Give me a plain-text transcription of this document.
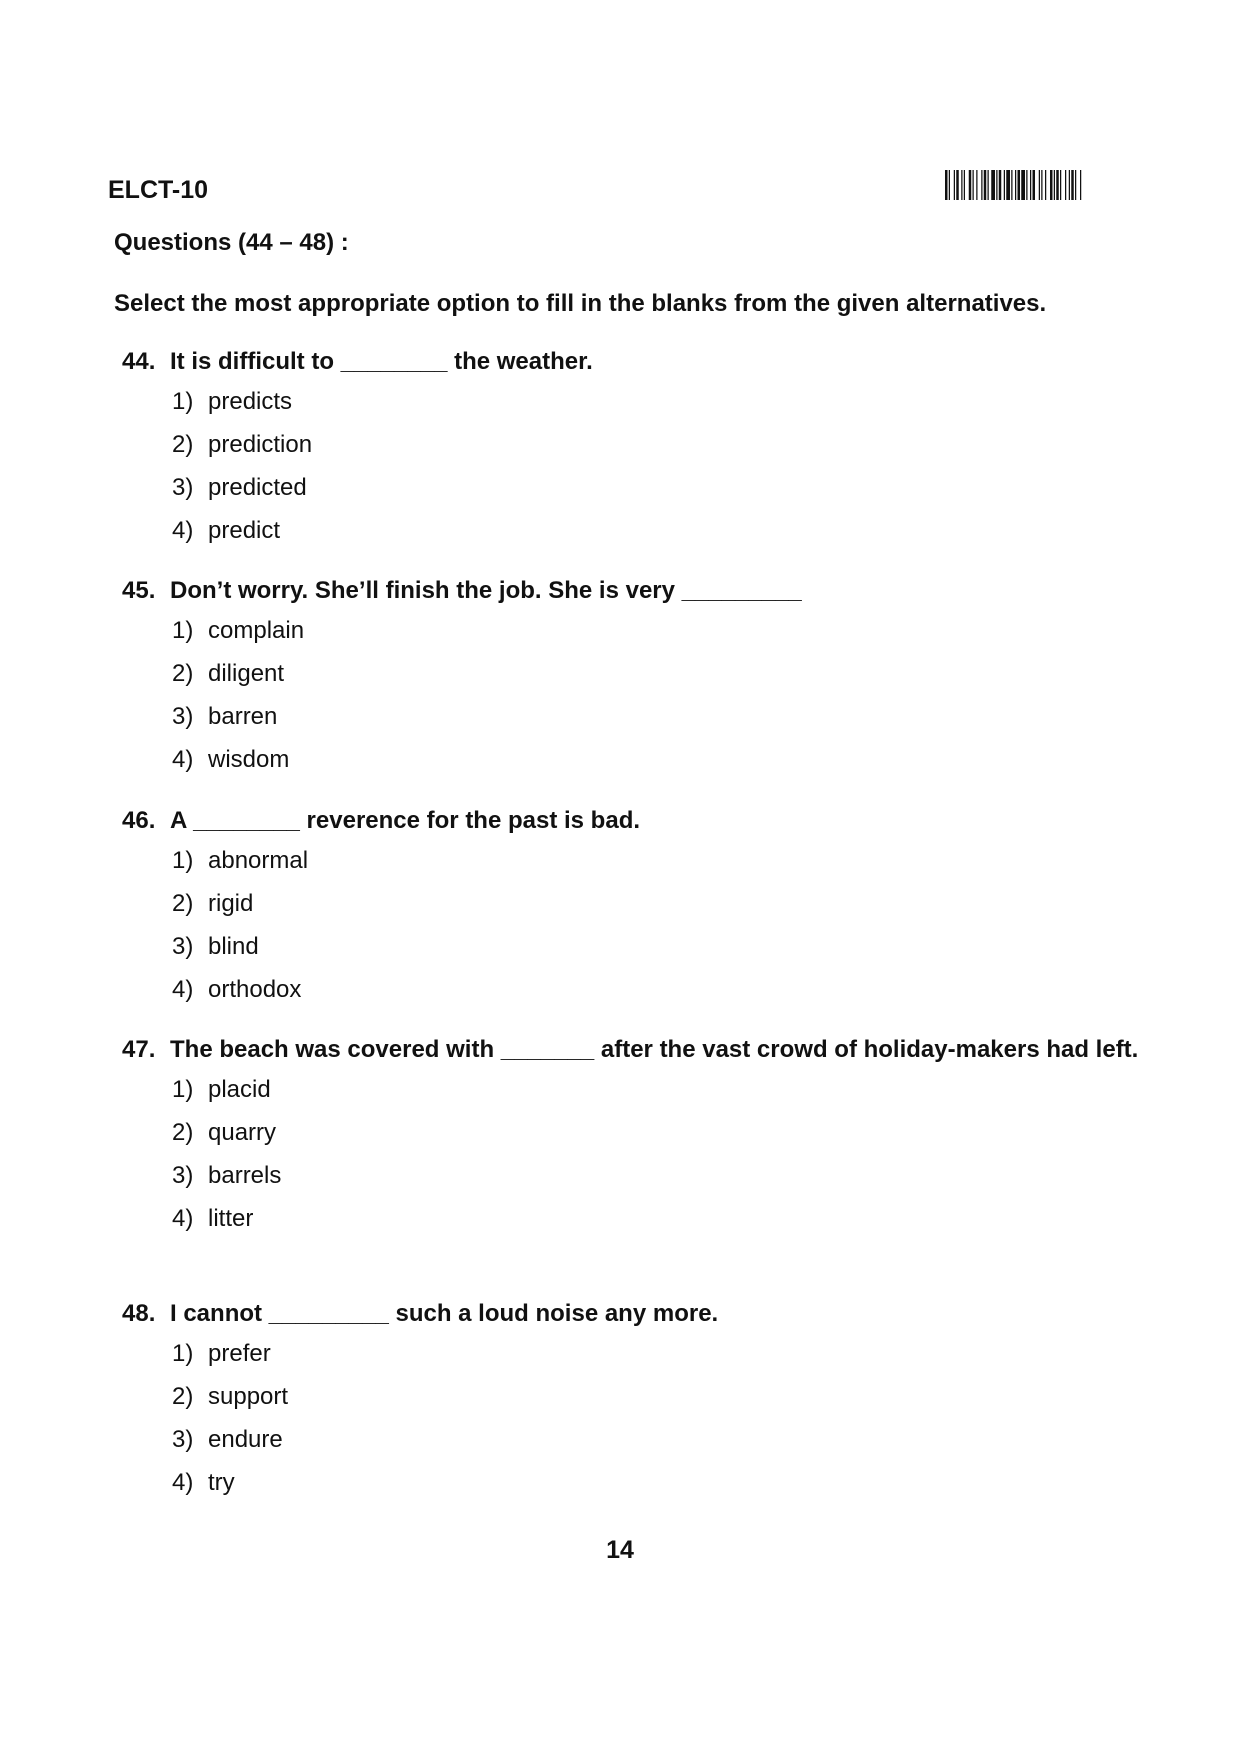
ELCT-10
Questions (44 – 48) :
Select the most appropriate option to fill in the blanks from the given alternatives.
44. It is difficult to ________ the weather.
1) predicts
2) prediction
3) predicted
4) predict
45. Don’t worry. She’ll finish the job. She is very _________
1) complain
2) diligent
3) barren
4) wisdom
46. A ________ reverence for the past is bad.
1) abnormal
2) rigid
3) blind
4) orthodox
47. The beach was covered with _______ after the vast crowd of holiday-makers had left.
1) placid
2) quarry
3) barrels
4) litter
48. I cannot _________ such a loud noise any more.
1) prefer
2) support
3) endure
4) try
14
